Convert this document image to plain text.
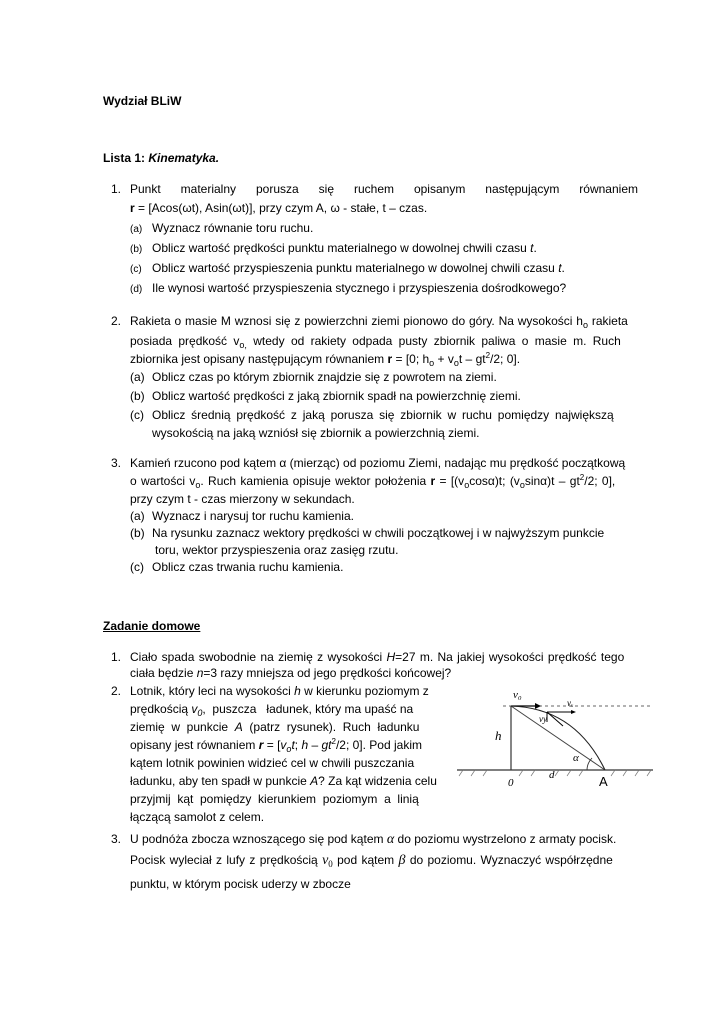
Wydział BLiW
Lista 1: Kinematyka.
1. Punkt materialny porusza się ruchem opisanym następującym równaniem
r = [Acos(ωt), Asin(ωt)], przy czym A, ω - stałe, t – czas.
(a) Wyznacz równanie toru ruchu.
(b) Oblicz wartość prędkości punktu materialnego w dowolnej chwili czasu t.
(c) Oblicz wartość przyspieszenia punktu materialnego w dowolnej chwili czasu t.
(d) Ile wynosi wartość przyspieszenia stycznego i przyspieszenia dośrodkowego?
2. Rakieta o masie M wznosi się z powierzchni ziemi pionowo do góry. Na wysokości $h_o$ rakieta
posiada prędkość $v_{o,}$ wtedy od rakiety odpada pusty zbiornik paliwa o masie m. Ruch
zbiornika jest opisany następującym równaniem r = [0; $h_o + v_ot - gt^2/2$; 0].
(a) Oblicz czas po którym zbiornik znajdzie się z powrotem na ziemi.
(b) Oblicz wartość prędkości z jaką zbiornik spadł na powierzchnię ziemi.
(c) Oblicz średnią prędkość z jaką porusza się zbiornik w ruchu pomiędzy największą
wysokością na jaką wzniósł się zbiornik a powierzchnią ziemi.
3. Kamień rzucono pod kątem α (mierząc) od poziomu Ziemi, nadając mu prędkość początkową
o wartości $v_o$. Ruch kamienia opisuje wektor położenia $r = [(v_o\cos\alpha)t$; $(v_o\sin\alpha)t - gt^2/2$; 0],
przy czym t - czas mierzony w sekundach.
(a) Wyznacz i narysuj tor ruchu kamienia.
(b) Na rysunku zaznacz wektory prędkości w chwili początkowej i w najwyższym punkcie
toru, wektor przyspieszenia oraz zasięg rzutu.
(c) Oblicz czas trwania ruchu kamienia.
Zadanie domowe
1. Ciało spada swobodnie na ziemię z wysokości H=27 m. Na jakiej wysokości prędkość tego
ciała będzie n=3 razy mniejsza od jego prędkości końcowej?
2. Lotnik, który leci na wysokości h w kierunku poziomym z
prędkością $v_0$,  puszcza   ładunek, który ma upaść na
ziemię  w  punkcie  A  (patrz  rysunek).  Ruch  ładunku
opisany jest równaniem $r = [v_ot$; h – $gt^2/2$; 0]. Pod jakim
kątem lotnik powinien widzieć cel w chwili puszczania
ładunku, aby ten spadł w punkcie A? Za kąt widzenia celu
przyjmij  kąt  pomiędzy  kierunkiem  poziomym  a  linią
łączącą samolot z celem.
v₀
h
0
d	A
vₓ
vy
α
3. U podnóża zbocza wznoszącego się pod kątem α do poziomu wystrzelono z armaty pocisk.
Pocisk wyleciał z lufy z prędkością $v_0$ pod kątem β do poziomu. Wyznaczyć współrzędne
punktu, w którym pocisk uderzy w zbocze
